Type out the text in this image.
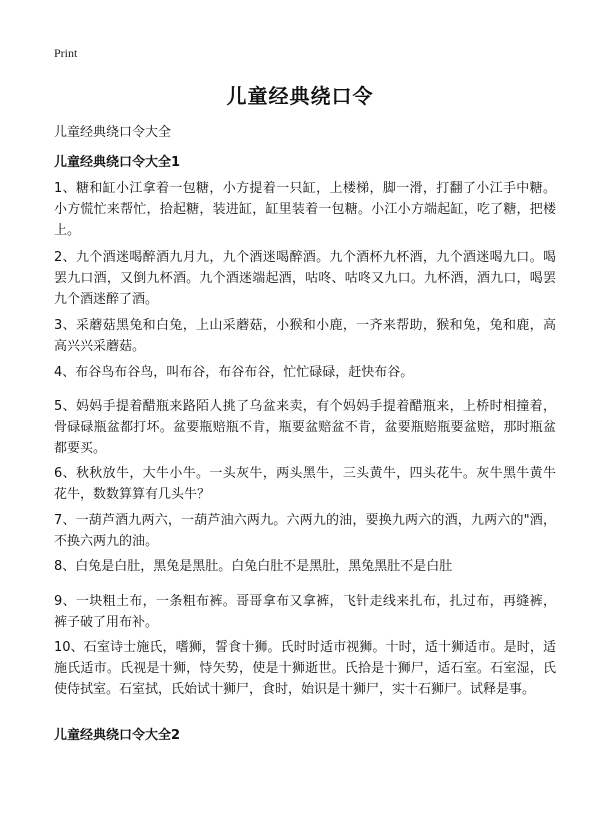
Print
儿童经典绕口令
儿童经典绕口令大全
儿童经典绕口令大全1
1、糖和缸小江拿着一包糖，小方提着一只缸，上楼梯，脚一滑，打翻了小江手中糖。小方慌忙来帮忙，拾起糖，装进缸，缸里装着一包糖。小江小方端起缸，吃了糖，把楼上。
2、九个酒迷喝醉酒九月九，九个酒迷喝醉酒。九个酒杯九杯酒，九个酒迷喝九口。喝罢九口酒，又倒九杯酒。九个酒迷端起酒，咕咚、咕咚又九口。九杯酒，酒九口，喝罢九个酒迷醉了酒。
3、采蘑菇黑兔和白兔，上山采蘑菇，小猴和小鹿，一齐来帮助，猴和兔，兔和鹿，高高兴兴采蘑菇。
4、布谷鸟布谷鸟，叫布谷，布谷布谷，忙忙碌碌，赶快布谷。
5、妈妈手提着醋瓶来路陌人挑了乌盆来卖，有个妈妈手提着醋瓶来，上桥时相撞着，骨碌碌瓶盆都打坏。盆要瓶赔瓶不肯，瓶要盆赔盆不肯，盆要瓶赔瓶要盆赔，那时瓶盆都要买。
6、秋秋放牛，大牛小牛。一头灰牛，两头黑牛，三头黄牛，四头花牛。灰牛黑牛黄牛花牛，数数算算有几头牛？
7、一葫芦酒九两六，一葫芦油六两九。六两九的油，要换九两六的酒，九两六的"酒，不换六两九的油。
8、白兔是白肚，黑兔是黑肚。白兔白肚不是黑肚，黑兔黑肚不是白肚
9、一块粗土布，一条粗布裤。哥哥拿布又拿裤，飞针走线来扎布，扎过布，再缝裤，裤子破了用布补。
10、石室诗士施氏，嗜狮，誓食十狮。氏时时适市视狮。十时，适十狮适市。是时，适施氏适市。氏视是十狮，恃矢势，使是十狮逝世。氏拾是十狮尸，适石室。石室湿，氏使侍拭室。石室拭，氏始试十狮尸，食时，始识是十狮尸，实十石狮尸。试释是事。
儿童经典绕口令大全2
